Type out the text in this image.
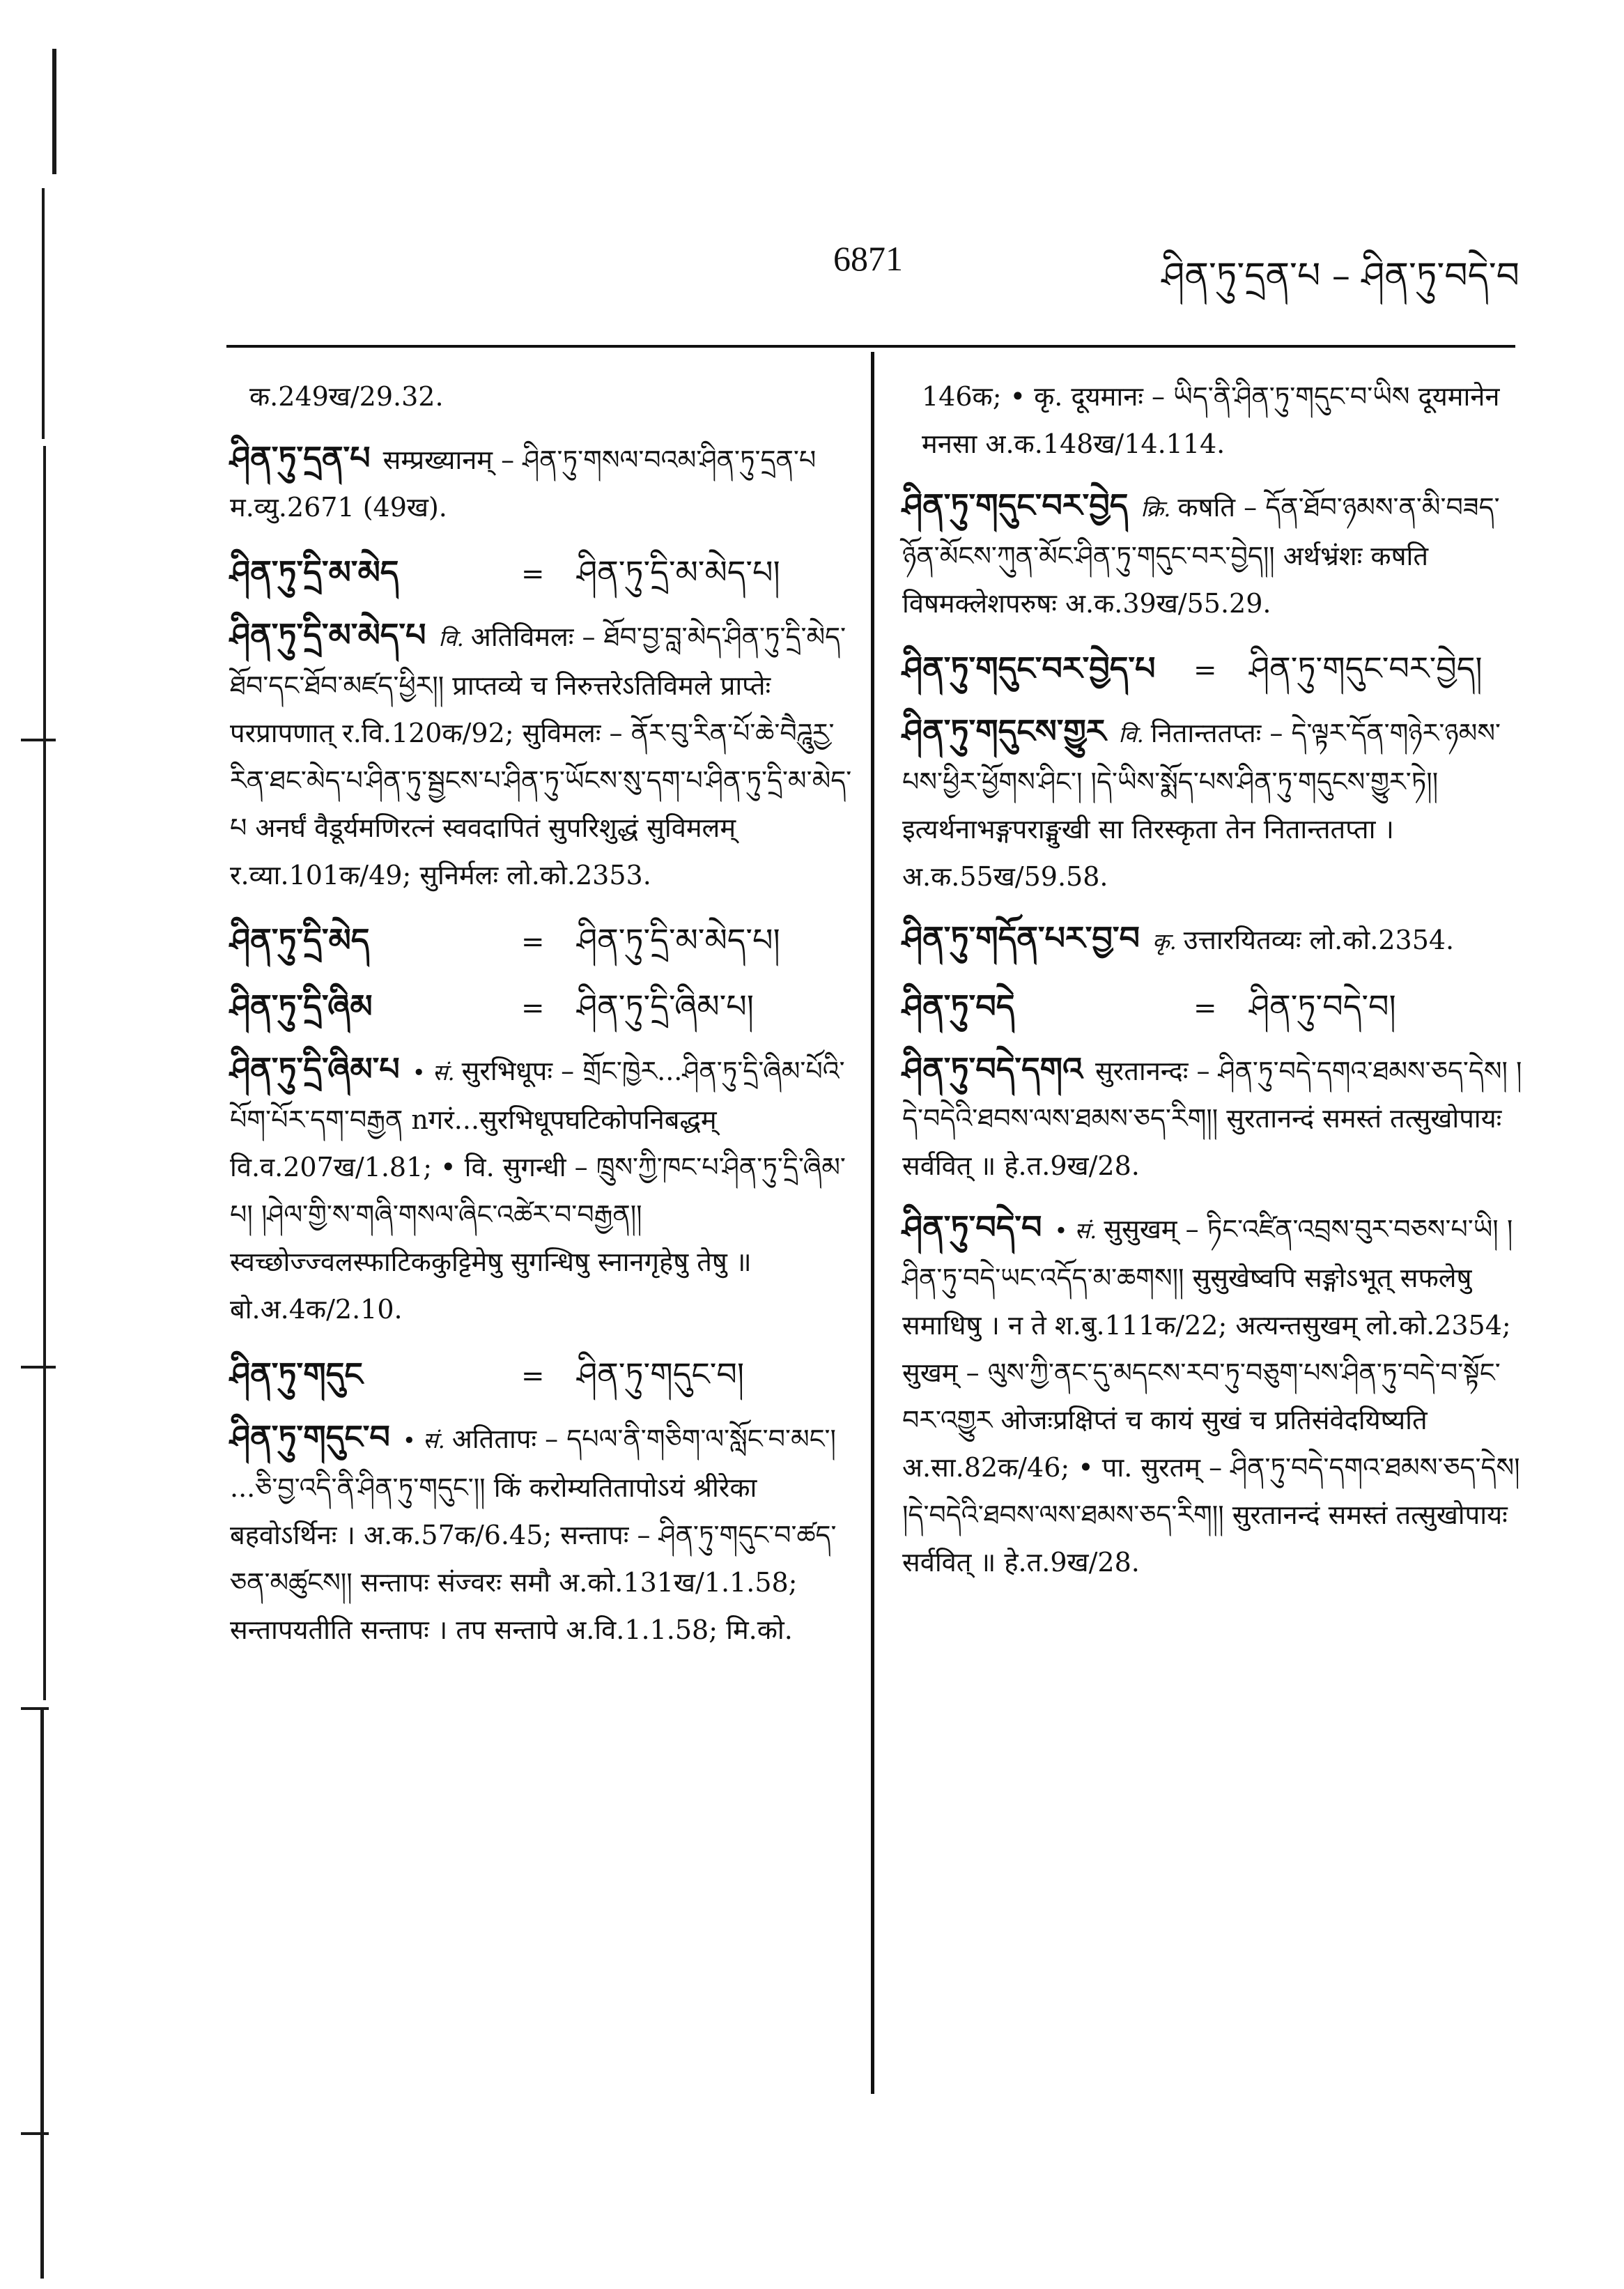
6871	ཤིན་ཏུ་དྲན་པ – ཤིན་ཏུ་བདེ་བ
क.249ख/29.32.
ཤིན་ཏུ་དྲན་པ सम्प्रख्यानम् – ཤིན་ཏུ་གསལ་བའམ་ཤིན་ཏུ་དྲན་པ म.व्यु.2671 (49ख).
ཤིན་ཏུ་དྲི་མ་མེད	=	ཤིན་ཏུ་དྲི་མ་མེད་པ།
ཤིན་ཏུ་དྲི་མ་མེད་པ वि. अतिविमलः – ཐོབ་བྱ་བླ་མེད་ཤིན་ཏུ་དྲི་མེད་ཐོབ་དང་ཐོབ་མཛད་ཕྱིར།། प्राप्तव्ये च निरुत्तरेऽतिविमले प्राप्तेः परप्रापणात् र.वि.120क/92; सुविमलः – ནོར་བུ་རིན་པོ་ཆེ་བཻཌཱུརྱ་རིན་ཐང་མེད་པ་ཤིན་ཏུ་སྦྱངས་པ་ཤིན་ཏུ་ཡོངས་སུ་དག་པ་ཤིན་ཏུ་དྲི་མ་མེད་པ अनर्घं वैडूर्यमणिरत्नं स्ववदापितं सुपरिशुद्धं सुविमलम् र.व्या.101क/49; सुनिर्मलः लो.को.2353.
ཤིན་ཏུ་དྲི་མེད	=	ཤིན་ཏུ་དྲི་མ་མེད་པ།
ཤིན་ཏུ་དྲི་ཞིམ	=	ཤིན་ཏུ་དྲི་ཞིམ་པ།
ཤིན་ཏུ་དྲི་ཞིམ་པ • सं. सुरभिधूपः – གྲོང་ཁྱེར...ཤིན་ཏུ་དྲི་ཞིམ་པོའི་པོག་པོར་དག་བརྒྱན nगरं...सुरभिधूपघटिकोपनिबद्धम् वि.व.207ख/1.81; • वि. सुगन्धी – ཁྲུས་ཀྱི་ཁང་པ་ཤིན་ཏུ་དྲི་ཞིམ་པ། །ཤེལ་གྱི་ས་གཞི་གསལ་ཞིང་འཚེར་བ་བརྒྱན།། स्वच्छोज्ज्वलस्फाटिककुट्टिमेषु सुगन्धिषु स्नानगृहेषु तेषु ॥ बो.अ.4क/2.10.
ཤིན་ཏུ་གདུང	=	ཤིན་ཏུ་གདུང་བ།
ཤིན་ཏུ་གདུང་བ • सं. अतितापः – དཔལ་ནི་གཅིག་ལ་སློང་བ་མང་། ...ཅི་བྱ་འདི་ནི་ཤིན་ཏུ་གདུང་།། किं करोम्यतितापोऽयं श्रीरेका बहवोऽर्थिनः । अ.क.57क/6.45; सन्तापः – ཤིན་ཏུ་གདུང་བ་ཚད་ཅན་མཚུངས།། सन्तापः संज्वरः समौ अ.को.131ख/1.1.58; सन्तापयतीति सन्तापः । तप सन्तापे अ.वि.1.1.58; मि.को.
146क; • कृ. दूयमानः – ཡིད་ནི་ཤིན་ཏུ་གདུང་བ་ཡིས दूयमानेन मनसा अ.क.148ख/14.114.
ཤིན་ཏུ་གདུང་བར་བྱེད क्रि. कषति – དོན་ཐོབ་ཉམས་ན་མི་བཟད་ཉོན་མོངས་ཀུན་མོང་ཤིན་ཏུ་གདུང་བར་བྱེད།། अर्थभ्रंशः कषति विषमक्लेशपरुषः अ.क.39ख/55.29.
ཤིན་ཏུ་གདུང་བར་བྱེད་པ	=	ཤིན་ཏུ་གདུང་བར་བྱེད།
ཤིན་ཏུ་གདུངས་གྱུར वि. नितान्ततप्तः – དེ་ལྟར་དོན་གཉེར་ཉམས་པས་ཕྱིར་ཕྱོགས་ཤིང་། །དེ་ཡིས་སྨོད་པས་ཤིན་ཏུ་གདུངས་གྱུར་ཏེ།། इत्यर्थनाभङ्गपराङ्मुखी सा तिरस्कृता तेन नितान्ततप्ता । अ.क.55ख/59.58.
ཤིན་ཏུ་གདོན་པར་བྱ་བ कृ. उत्तारयितव्यः लो.को.2354.
ཤིན་ཏུ་བདེ	=	ཤིན་ཏུ་བདེ་བ།
ཤིན་ཏུ་བདེ་དགའ सुरतानन्दः – ཤིན་ཏུ་བདེ་དགའ་ཐམས་ཅད་དེས། །དེ་བདེའི་ཐབས་ལས་ཐམས་ཅད་རིག།། सुरतानन्दं समस्तं तत्सुखोपायः सर्ववित् ॥ हे.त.9ख/28.
ཤིན་ཏུ་བདེ་བ • सं. सुसुखम् – ཏིང་འཛིན་འབྲས་བུར་བཅས་པ་ཡི། །ཤིན་ཏུ་བདེ་ཡང་འདོད་མ་ཆགས།། सुसुखेष्वपि सङ्गोऽभूत् सफलेषु समाधिषु । न ते श.बु.111क/22; अत्यन्तसुखम् लो.को.2354; सुखम् – ལུས་ཀྱི་ནང་དུ་མདངས་རབ་ཏུ་བཅུག་པས་ཤིན་ཏུ་བདེ་བ་སྟོང་བར་འགྱུར ओजःप्रक्षिप्तं च कायं सुखं च प्रतिसंवेदयिष्यति अ.सा.82क/46; • पा. सुरतम् – ཤིན་ཏུ་བདེ་དགའ་ཐམས་ཅད་དེས། །དེ་བདེའི་ཐབས་ལས་ཐམས་ཅད་རིག།། सुरतानन्दं समस्तं तत्सुखोपायः सर्ववित् ॥ हे.त.9ख/28.
